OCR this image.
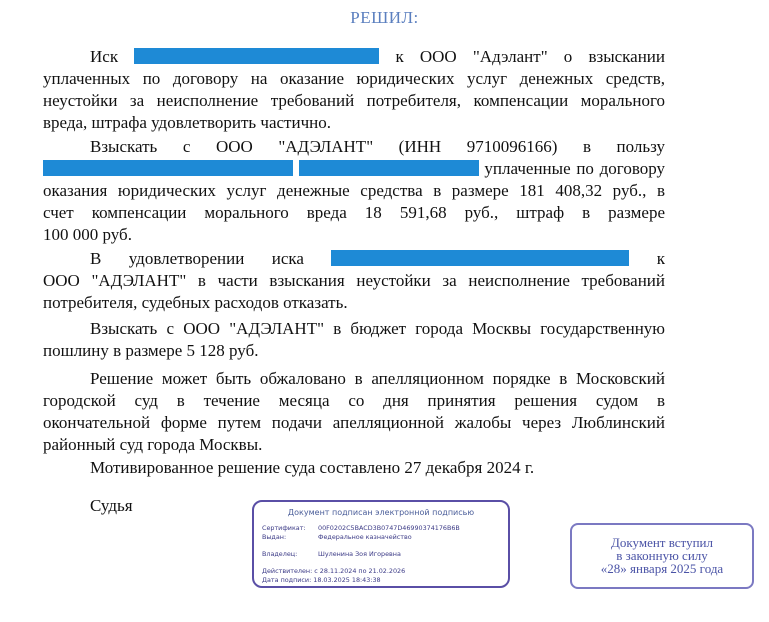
РЕШИЛ:
Иск	к ООО "Адэлант" о взыскании
уплаченных по договору на оказание юридических услуг денежных средств,
неустойки за неисполнение требований потребителя, компенсации морального
вреда, штрафа удовлетворить частично.
Взыскать с ООО "АДЭЛАНТ" (ИНН 9710096166) в пользу
уплаченные по договору
оказания юридических услуг денежные средства в размере 181 408,32 руб., в
счет компенсации морального вреда 18 591,68 руб., штраф в размере
100 000 руб.
В удовлетворении иска	к
ООО "АДЭЛАНТ" в части взыскания неустойки за неисполнение требований
потребителя, судебных расходов отказать.
Взыскать с ООО "АДЭЛАНТ" в бюджет города Москвы государственную
пошлину в размере 5 128 руб.
Решение может быть обжаловано в апелляционном порядке в Московский
городской суд в течение месяца со дня принятия решения судом в
окончательной форме путем подачи апелляционной жалобы через Люблинский
районный суд города Москвы.
Мотивированное решение суда составлено 27 декабря 2024 г.
Судья	Документ подписан электронной подписью
Сертификат: 00F0202C5BACD3B0747D46990374176B6B
Выдан:	Федеральное казначейство
Владелец:	Шуленина Зоя Игоревна
Действителен: с 28.11.2024 по 21.02.2026
Дата подписи: 18.03.2025 18:43:38
Документ вступил
в законную силу
«28» января 2025 года
